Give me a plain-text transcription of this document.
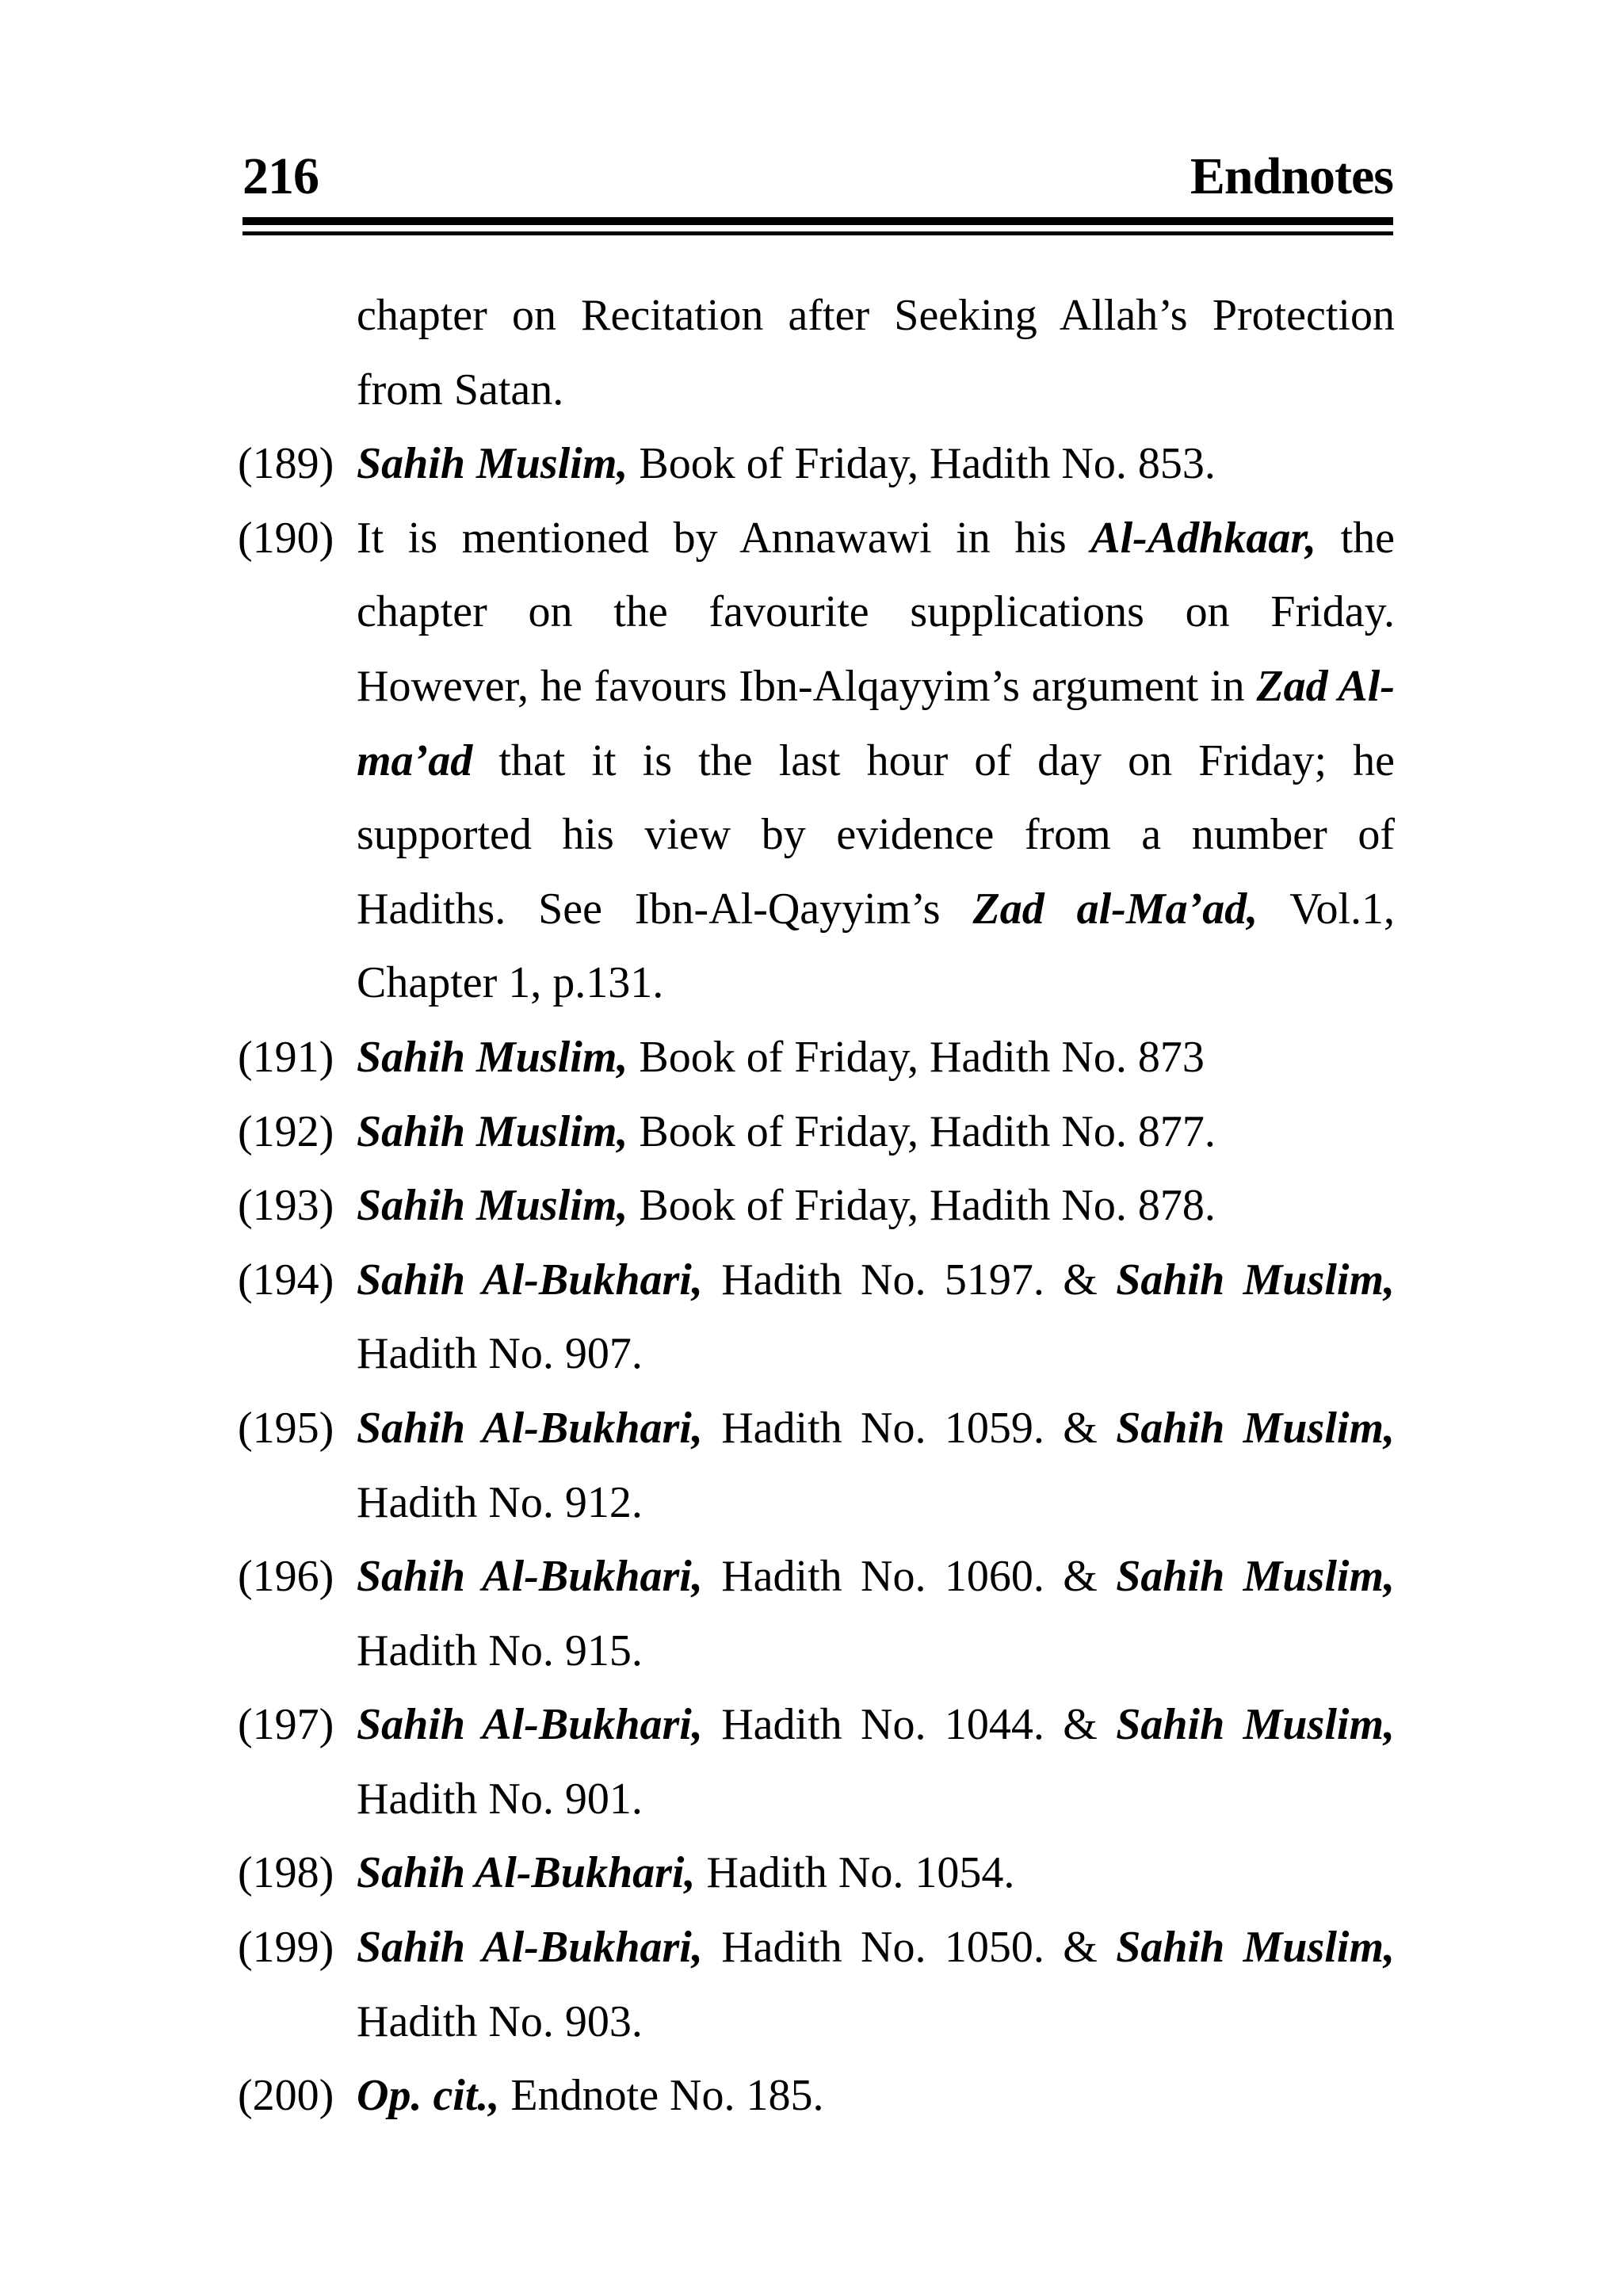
216	Endnotes
chapter on Recitation after Seeking Allah’s Protection from Satan.
(189) Sahih Muslim, Book of Friday, Hadith No. 853.
(190) It is mentioned by Annawawi in his Al-Adhkaar, the chapter on the favourite supplications on Friday. However, he favours Ibn-Alqayyim’s argument in Zad Al-ma’ad that it is the last hour of day on Friday; he supported his view by evidence from a number of Hadiths. See Ibn-Al-Qayyim’s Zad al-Ma’ad, Vol.1, Chapter 1, p.131.
(191) Sahih Muslim, Book of Friday, Hadith No. 873
(192) Sahih Muslim, Book of Friday, Hadith No. 877.
(193) Sahih Muslim, Book of Friday, Hadith No. 878.
(194) Sahih Al-Bukhari, Hadith No. 5197. & Sahih Muslim, Hadith No. 907.
(195) Sahih Al-Bukhari, Hadith No. 1059. & Sahih Muslim, Hadith No. 912.
(196) Sahih Al-Bukhari, Hadith No. 1060. & Sahih Muslim, Hadith No. 915.
(197) Sahih Al-Bukhari, Hadith No. 1044. & Sahih Muslim, Hadith No. 901.
(198) Sahih Al-Bukhari, Hadith No. 1054.
(199) Sahih Al-Bukhari, Hadith No. 1050. & Sahih Muslim, Hadith No. 903.
(200) Op. cit., Endnote No. 185.
